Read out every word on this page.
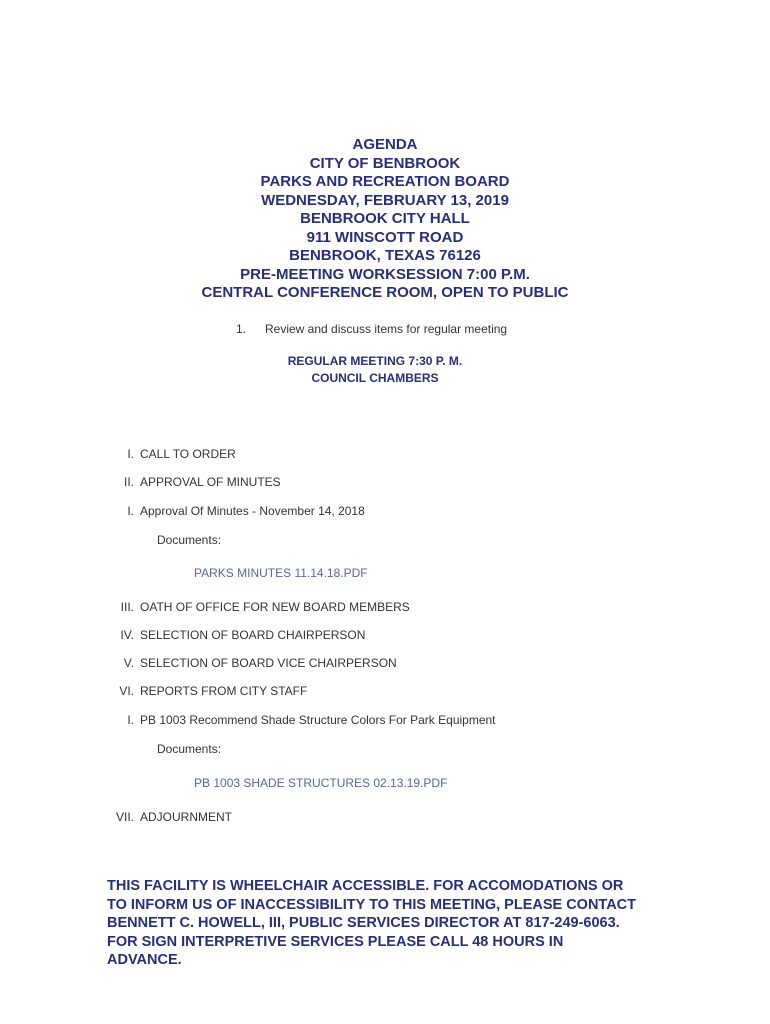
AGENDA
CITY OF BENBROOK
PARKS AND RECREATION BOARD
WEDNESDAY, FEBRUARY 13, 2019
BENBROOK CITY HALL
911 WINSCOTT ROAD
BENBROOK, TEXAS 76126
PRE-MEETING WORKSESSION 7:00 P.M.
CENTRAL CONFERENCE ROOM, OPEN TO PUBLIC
1. Review and discuss items for regular meeting
REGULAR MEETING 7:30 P. M.
COUNCIL CHAMBERS
I. CALL TO ORDER
II. APPROVAL OF MINUTES
I. Approval Of Minutes - November 14, 2018
Documents:
PARKS MINUTES 11.14.18.PDF
III. OATH OF OFFICE FOR NEW BOARD MEMBERS
IV. SELECTION OF BOARD CHAIRPERSON
V. SELECTION OF BOARD VICE CHAIRPERSON
VI. REPORTS FROM CITY STAFF
I. PB 1003 Recommend Shade Structure Colors For Park Equipment
Documents:
PB 1003 SHADE STRUCTURES 02.13.19.PDF
VII. ADJOURNMENT
THIS FACILITY IS WHEELCHAIR ACCESSIBLE. FOR ACCOMODATIONS OR TO INFORM US OF INACCESSIBILITY TO THIS MEETING, PLEASE CONTACT BENNETT C. HOWELL, III, PUBLIC SERVICES DIRECTOR AT 817-249-6063. FOR SIGN INTERPRETIVE SERVICES PLEASE CALL 48 HOURS IN ADVANCE.
